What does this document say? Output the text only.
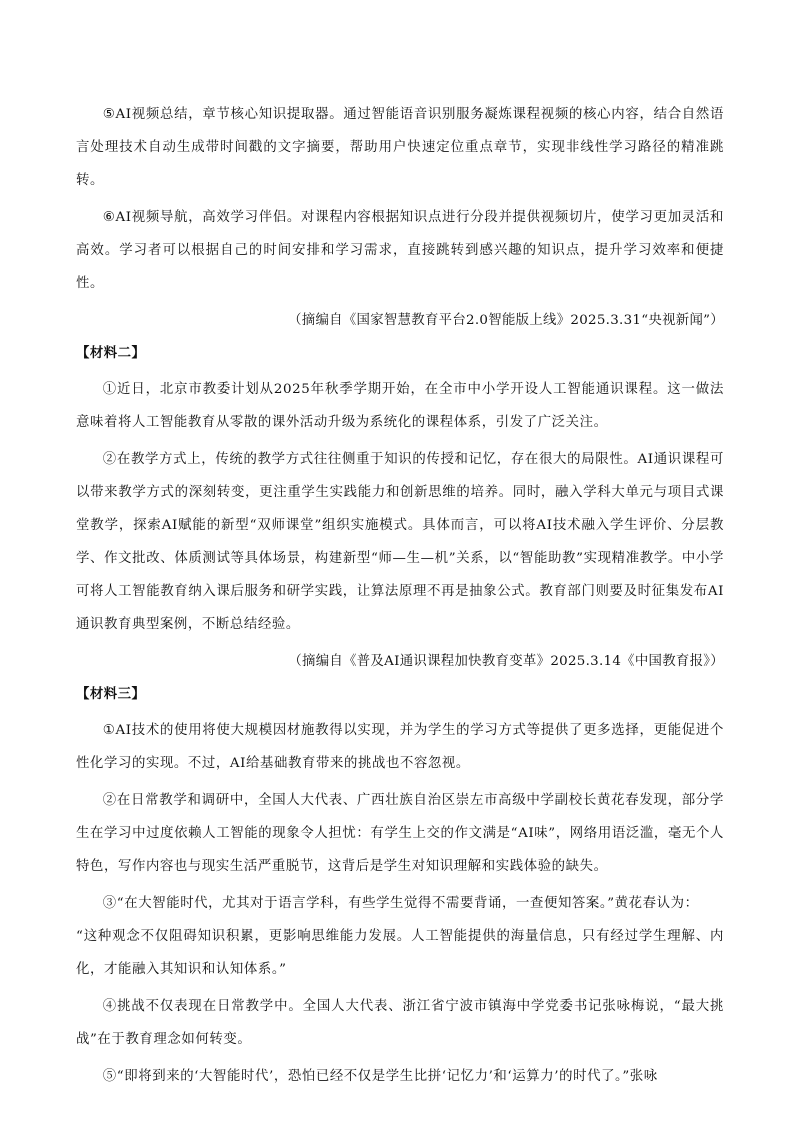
⑤AI视频总结，章节核心知识提取器。通过智能语音识别服务凝炼课程视频的核心内容，结合自然语言处理技术自动生成带时间戳的文字摘要，帮助用户快速定位重点章节，实现非线性学习路径的精准跳转。

⑥AI视频导航，高效学习伴侣。对课程内容根据知识点进行分段并提供视频切片，使学习更加灵活和高效。学习者可以根据自己的时间安排和学习需求，直接跳转到感兴趣的知识点，提升学习效率和便捷性。

（摘编自《国家智慧教育平台2.0智能版上线》2025.3.31“央视新闻”）

【材料二】

①近日，北京市教委计划从2025年秋季学期开始，在全市中小学开设人工智能通识课程。这一做法意味着将人工智能教育从零散的课外活动升级为系统化的课程体系，引发了广泛关注。

②在教学方式上，传统的教学方式往往侧重于知识的传授和记忆，存在很大的局限性。AI通识课程可以带来教学方式的深刻转变，更注重学生实践能力和创新思维的培养。同时，融入学科大单元与项目式课堂教学，探索AI赋能的新型“双师课堂”组织实施模式。具体而言，可以将AI技术融入学生评价、分层教学、作文批改、体质测试等具体场景，构建新型“师—生—机”关系，以“智能助教”实现精准教学。中小学可将人工智能教育纳入课后服务和研学实践，让算法原理不再是抽象公式。教育部门则要及时征集发布AI通识教育典型案例，不断总结经验。

（摘编自《普及AI通识课程加快教育变革》2025.3.14《中国教育报》）

【材料三】

①AI技术的使用将使大规模因材施教得以实现，并为学生的学习方式等提供了更多选择，更能促进个性化学习的实现。不过，AI给基础教育带来的挑战也不容忽视。

②在日常教学和调研中，全国人大代表、广西壮族自治区崇左市高级中学副校长黄花春发现，部分学生在学习中过度依赖人工智能的现象令人担忧：有学生上交的作文满是“AI味”，网络用语泛滥，毫无个人特色，写作内容也与现实生活严重脱节，这背后是学生对知识理解和实践体验的缺失。

③“在大智能时代，尤其对于语言学科，有些学生觉得不需要背诵，一查便知答案。”黄花春认为：

“这种观念不仅阻碍知识积累，更影响思维能力发展。人工智能提供的海量信息，只有经过学生理解、内化，才能融入其知识和认知体系。”

④挑战不仅表现在日常教学中。全国人大代表、浙江省宁波市镇海中学党委书记张咏梅说，“最大挑战”在于教育理念如何转变。

⑤“即将到来的‘大智能时代’，恐怕已经不仅是学生比拼‘记忆力’和‘运算力’的时代了。”张咏
